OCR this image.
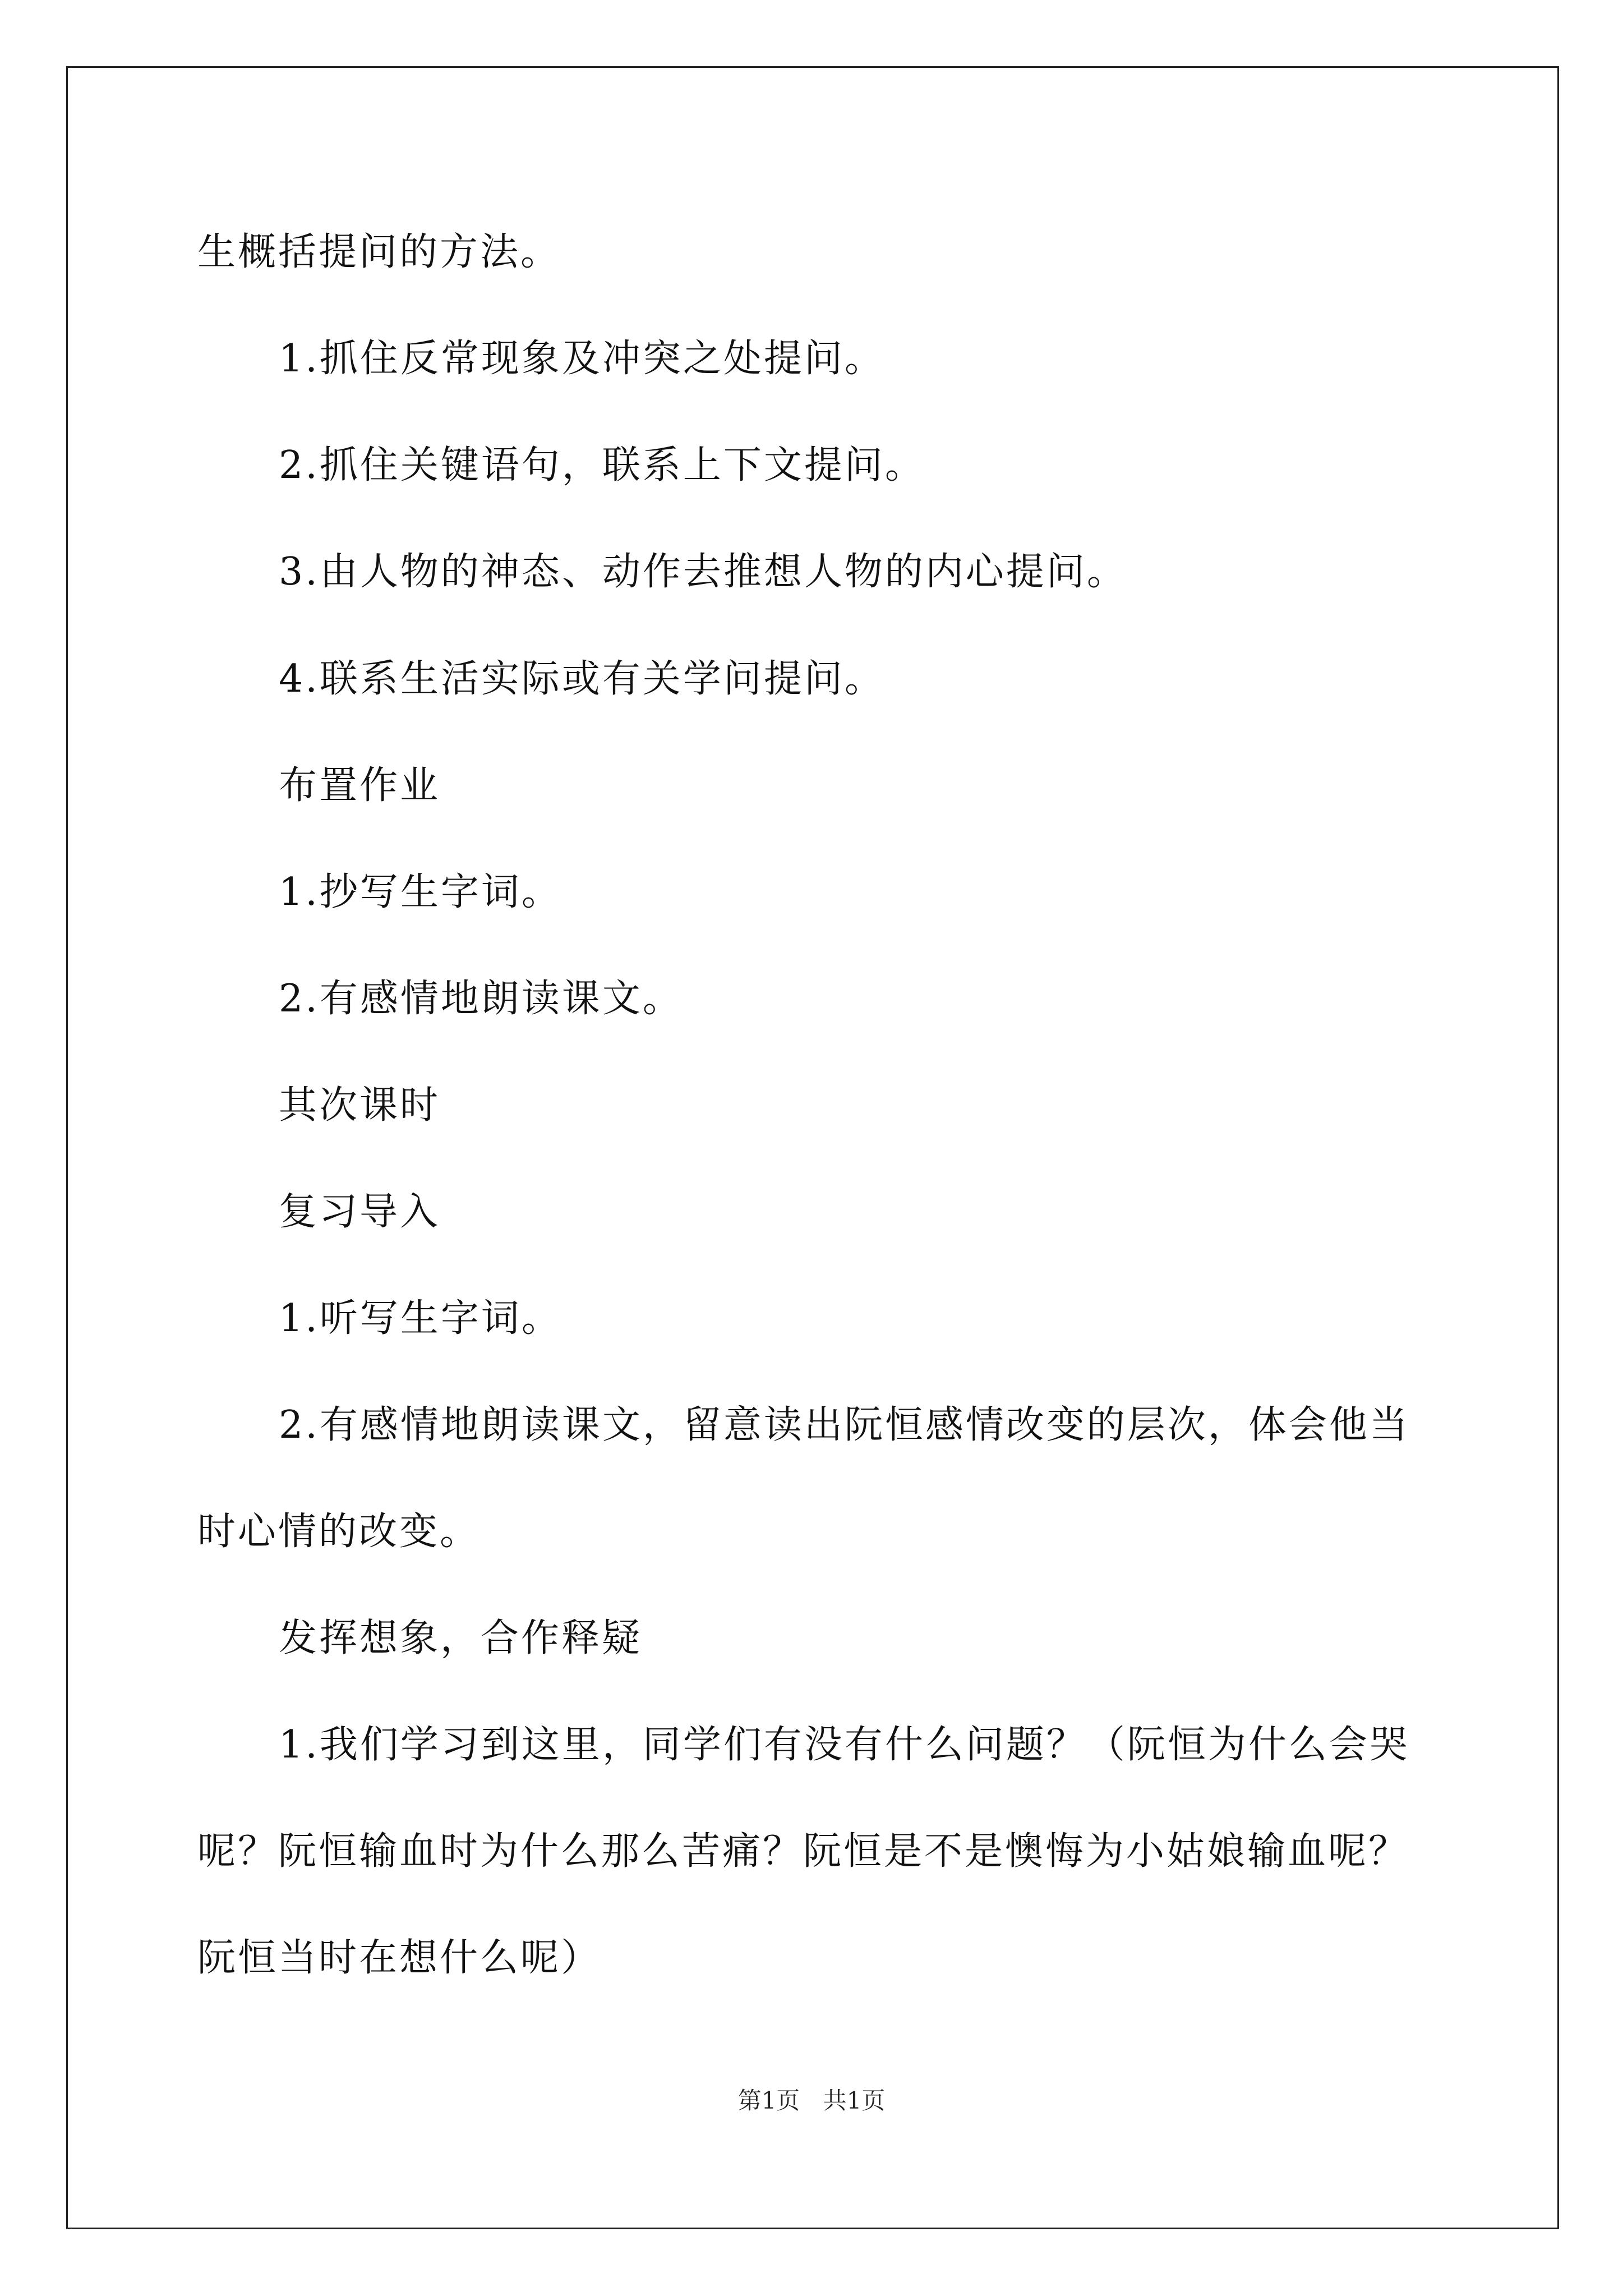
生概括提问的方法。
1.抓住反常现象及冲突之处提问。
2.抓住关键语句，联系上下文提问。
3.由人物的神态、动作去推想人物的内心提问。
4.联系生活实际或有关学问提问。
布置作业
1.抄写生字词。
2.有感情地朗读课文。
其次课时
复习导入
1.听写生字词。
2.有感情地朗读课文，留意读出阮恒感情改变的层次，体会他当
时心情的改变。
发挥想象，合作释疑
1.我们学习到这里，同学们有没有什么问题？（阮恒为什么会哭
呢？阮恒输血时为什么那么苦痛？阮恒是不是懊悔为小姑娘输血呢？
阮恒当时在想什么呢）
第1页 共1页
